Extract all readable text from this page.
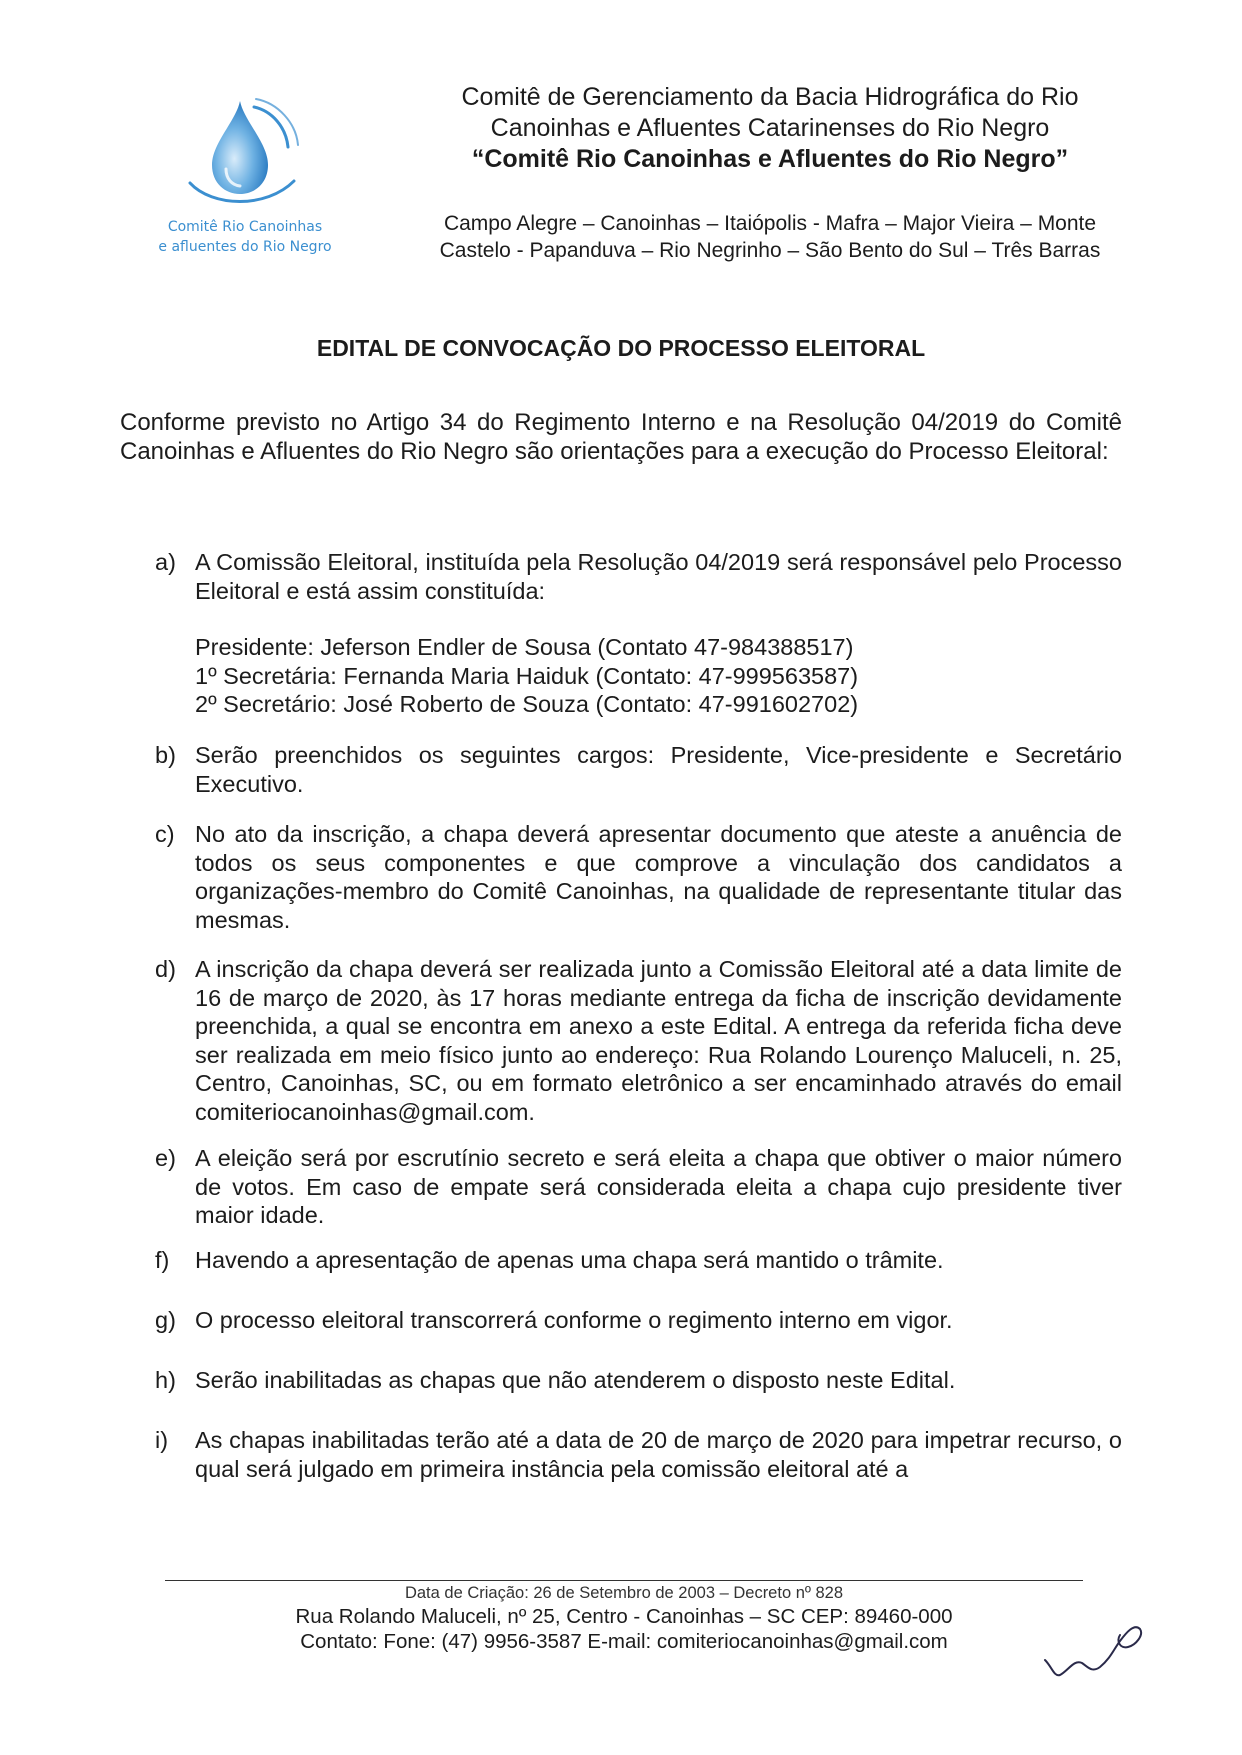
Comitê Rio Canoinhas
e afluentes do Rio Negro
Comitê de Gerenciamento da Bacia Hidrográfica do Rio
Canoinhas e Afluentes Catarinenses do Rio Negro
“Comitê Rio Canoinhas e Afluentes do Rio Negro”
Campo Alegre – Canoinhas – Itaiópolis - Mafra – Major Vieira – Monte
Castelo - Papanduva – Rio Negrinho – São Bento do Sul – Três Barras
EDITAL DE CONVOCAÇÃO DO PROCESSO ELEITORAL
Conforme previsto no Artigo 34 do Regimento Interno e na Resolução 04/2019 do Comitê Canoinhas e Afluentes do Rio Negro são orientações para a execução do Processo Eleitoral:
a) A Comissão Eleitoral, instituída pela Resolução 04/2019 será responsável pelo Processo Eleitoral e está assim constituída:

Presidente: Jeferson Endler de Sousa (Contato 47-984388517)

1º Secretária: Fernanda Maria Haiduk (Contato: 47-999563587)

2º Secretário: José Roberto de Souza (Contato: 47-991602702)

b) Serão preenchidos os seguintes cargos: Presidente, Vice-presidente e Secretário Executivo.

c) No ato da inscrição, a chapa deverá apresentar documento que ateste a anuência de todos os seus componentes e que comprove a vinculação dos candidatos a organizações-membro do Comitê Canoinhas, na qualidade de representante titular das mesmas.

d) A inscrição da chapa deverá ser realizada junto a Comissão Eleitoral até a data limite de 16 de março de 2020, às 17 horas mediante entrega da ficha de inscrição devidamente preenchida, a qual se encontra em anexo a este Edital. A entrega da referida ficha deve ser realizada em meio físico junto ao endereço: Rua Rolando Lourenço Maluceli, n. 25, Centro, Canoinhas, SC, ou em formato eletrônico a ser encaminhado através do email comiteriocanoinhas@gmail.com.

e) A eleição será por escrutínio secreto e será eleita a chapa que obtiver o maior número de votos. Em caso de empate será considerada eleita a chapa cujo presidente tiver maior idade.

f)	Havendo a apresentação de apenas uma chapa será mantido o trâmite.

g) O processo eleitoral transcorrerá conforme o regimento interno em vigor.

h) Serão inabilitadas as chapas que não atenderem o disposto neste Edital.

i)	As chapas inabilitadas terão até a data de 20 de março de 2020 para impetrar recurso, o qual será julgado em primeira instância pela comissão eleitoral até a

Data de Criação: 26 de Setembro de 2003 – Decreto nº 828
Rua Rolando Maluceli, nº 25, Centro - Canoinhas – SC CEP: 89460-000
Contato: Fone: (47) 9956-3587 E-mail: comiteriocanoinhas@gmail.com
